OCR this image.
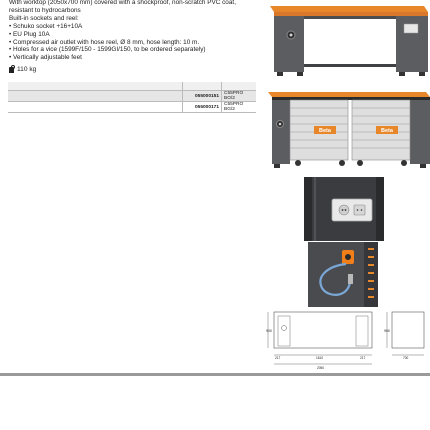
With worktop (2050x700 mm) covered with a shockproof, non-scratch PVC coat,
resistant to hydrocarbons
Built-in sockets and reel:
• Schuko socket +16+10A
• EU Plug 10A
• Compressed air outlet with hose reel, Ø 8 mm, hose length: 10 m.
• Holes for a vice (1599F/150 - 1599GI/150, to be ordered separately)
• Vertically adjustable feet
110 kg

	055000151	C55PRO BO/2
	055000171	C55PRO BG/2
Beta	Beta
900
217	1610	217
2050
900
700
